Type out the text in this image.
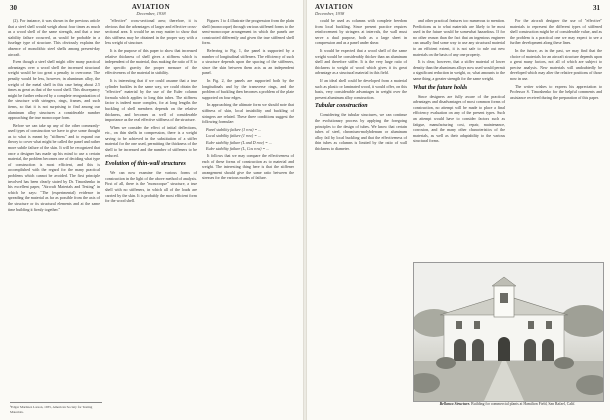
30	AVIATION
December, 1938

(2). For instance, it was shown in the previous article that a steel shell would weigh about four times as much as a wood shell of the same strength, and that a true stability failure occurred, as would be probable in a fuselage type of structure. This obviously explains the absence of monolithic steel shells among present-day aircraft.

Even though a steel shell might offer many practical advantages over a wood shell the increased structural weight would be too great a penalty to overcome. The penalty would be less, however, in aluminum alloy, the weight of the metal shell in this case being about 2.5 times as great as that of the wood shell. This discrepancy might be further reduced by a complete reorganization of the structure with stringers, rings, frames, and such items, so that it is not surprising to find among our aluminum alloy structures a considerable number approaching the true monocoque form.

Before we can take up any of the other commonly-used types of construction we have to give some thought as to what is meant by "stiffness" and to expand our theory to cover what might be called the panel and rather more subtle failure of the skin. It will be recognized that once a designer has made up his mind to use a certain material, the problem becomes one of deciding what type of construction is most efficient, and this is accomplished with the regard for the many practical problems which cannot be avoided. The first principle involved has been clearly stated by Dr. Timoshenko in his excellent paper, "Aircraft Materials and Testing" in which he says: "The (experimental) evidence in spreading the material as far as possible from the axis of the structure or its structural elements and at the same time building it firmly together."

"effective" cross-sectional area; therefore, it is obvious that the advantages of larger and effective cross-sectional area. It would be an easy matter to show that this stiffness may be obtained in the proper way with a less weight of structure.

It is the purpose of this paper to show that increased relative thickness of shell gives a stiffness which is independent of the material, thus making the ratio of E to the specific gravity the proper measure of the effectiveness of the material in stability.

It is interesting that if we could assume that a true cylinder buckles in the same way, we could obtain the "effective" material by the use of the Euler column formula which applies to long thin tubes. The stiffness factor is indeed more complex, for at long lengths the buckling of shell members depends on the relative thickness, and becomes as well of considerable importance as the real effective stiffness of the structure.

When we consider the effect of initial deflections, etc., on thin shells in compression, there is a weight saving to be achieved in the substitution of a stiffer material for the one used, permitting the thickness of the shell to be increased and the number of stiffeners to be reduced.

Evolution of thin-wall structures

We can now examine the various forms of construction in the light of the above method of analysis. First of all, there is the "monocoque" structure, a true shell with no stiffeners, in which all of the loads are carried by the skin. It is probably the most efficient form for the wood shell.

Figures 1 to 4 illustrate the progression from the plain shell (monocoque) through various stiffened forms to the semi-monocoque arrangement in which the panels are constructed differently and given the true stiffened shell form.

Referring to Fig. 1, the panel is supported by a number of longitudinal stiffeners. The efficiency of such a structure depends upon the spacing of the stiffeners, since the skin between them acts as an independent panel.

In Fig. 2, the panels are supported both by the longitudinals and by the transverse rings, and the problem of buckling then becomes a problem of the plate supported on four edges.

In approaching the ultimate form we should note that stiffness of skin, local instability and buckling of stringers are related. These three conditions suggest the following formulae:

Panel stability failure (1 row) = ...

Local stability failure (1 row) = ...

Euler stability failure (L and D row) = ...

Euler stability failure (L, Cos row) = ...

It follows that we may compare the effectiveness of each of these forms of construction as to material and weight. The interesting thing here is that the stiffener arrangement should give the same ratio between the stresses for the various modes of failure.

¹Edgar Martinez Larson, 1935, American Society for Testing Materials.
AVIATION
December, 1938
31

could be used as columns with complete freedom from local buckling. Since present practice requires reinforcement by stringers at intervals, the wall must serve a dual purpose, both as a large sheet in compression and as a panel under shear.

It would be expected that a wood shell of the same weight would be considerably thicker than an aluminum shell and therefore stiffer. It is the very large ratio of thickness to weight of wood which gives it its great advantage as a structural material in this field.

If an ideal shell could be developed from a material such as plastic or laminated wood, it would offer, on this basis, very considerable advantages in weight over the present aluminum alloy construction.

Tubular construction

Considering the tubular structures, we can continue the evolutionary process by applying the foregoing principles to the design of tubes. We know that certain tubes of steel, chromium-molybdenum or aluminum alloy fail by local buckling and that the effectiveness of thin tubes as columns is limited by the ratio of wall thickness to diameter.

and other practical features too numerous to mention. Predictions as to what materials are likely to be most used in the future would be somewhat hazardous. If for no other reason than the fact that an ingenious engineer can usually find some way to use any structural material to an efficient extent, it is not safe to rule out new materials on the basis of any one property.

It is clear, however, that a stiffer material of lower density than the aluminum alloys now used would permit a significant reduction in weight, or, what amounts to the same thing, a greater strength for the same weight.

What the future holds

Since designers are fully aware of the practical advantages and disadvantages of most common forms of construction, no attempt will be made to place a final efficiency evaluation on any of the present types. Such an attempt would have to consider factors such as fatigue, manufacturing cost, repair, maintenance, corrosion, and the many other characteristics of the materials, as well as their adaptability to the various structural forms.

For the aircraft designer the use of "effective" materials to represent the different types of stiffened shell construction might be of considerable value, and as the problem is a practical one we may expect to see a further development along these lines.

In the future, as in the past, we may find that the choice of materials for an aircraft structure depends upon a great many factors, not all of which are subject to precise analysis. New materials will undoubtedly be developed which may alter the relative positions of those now in use.

The writer wishes to express his appreciation to Professor S. Timoshenko for the helpful comments and assistance received during the preparation of this paper.

Bellanca Structure. Building for commercial plants at Hamilton Field, San Rafael, Calif.
